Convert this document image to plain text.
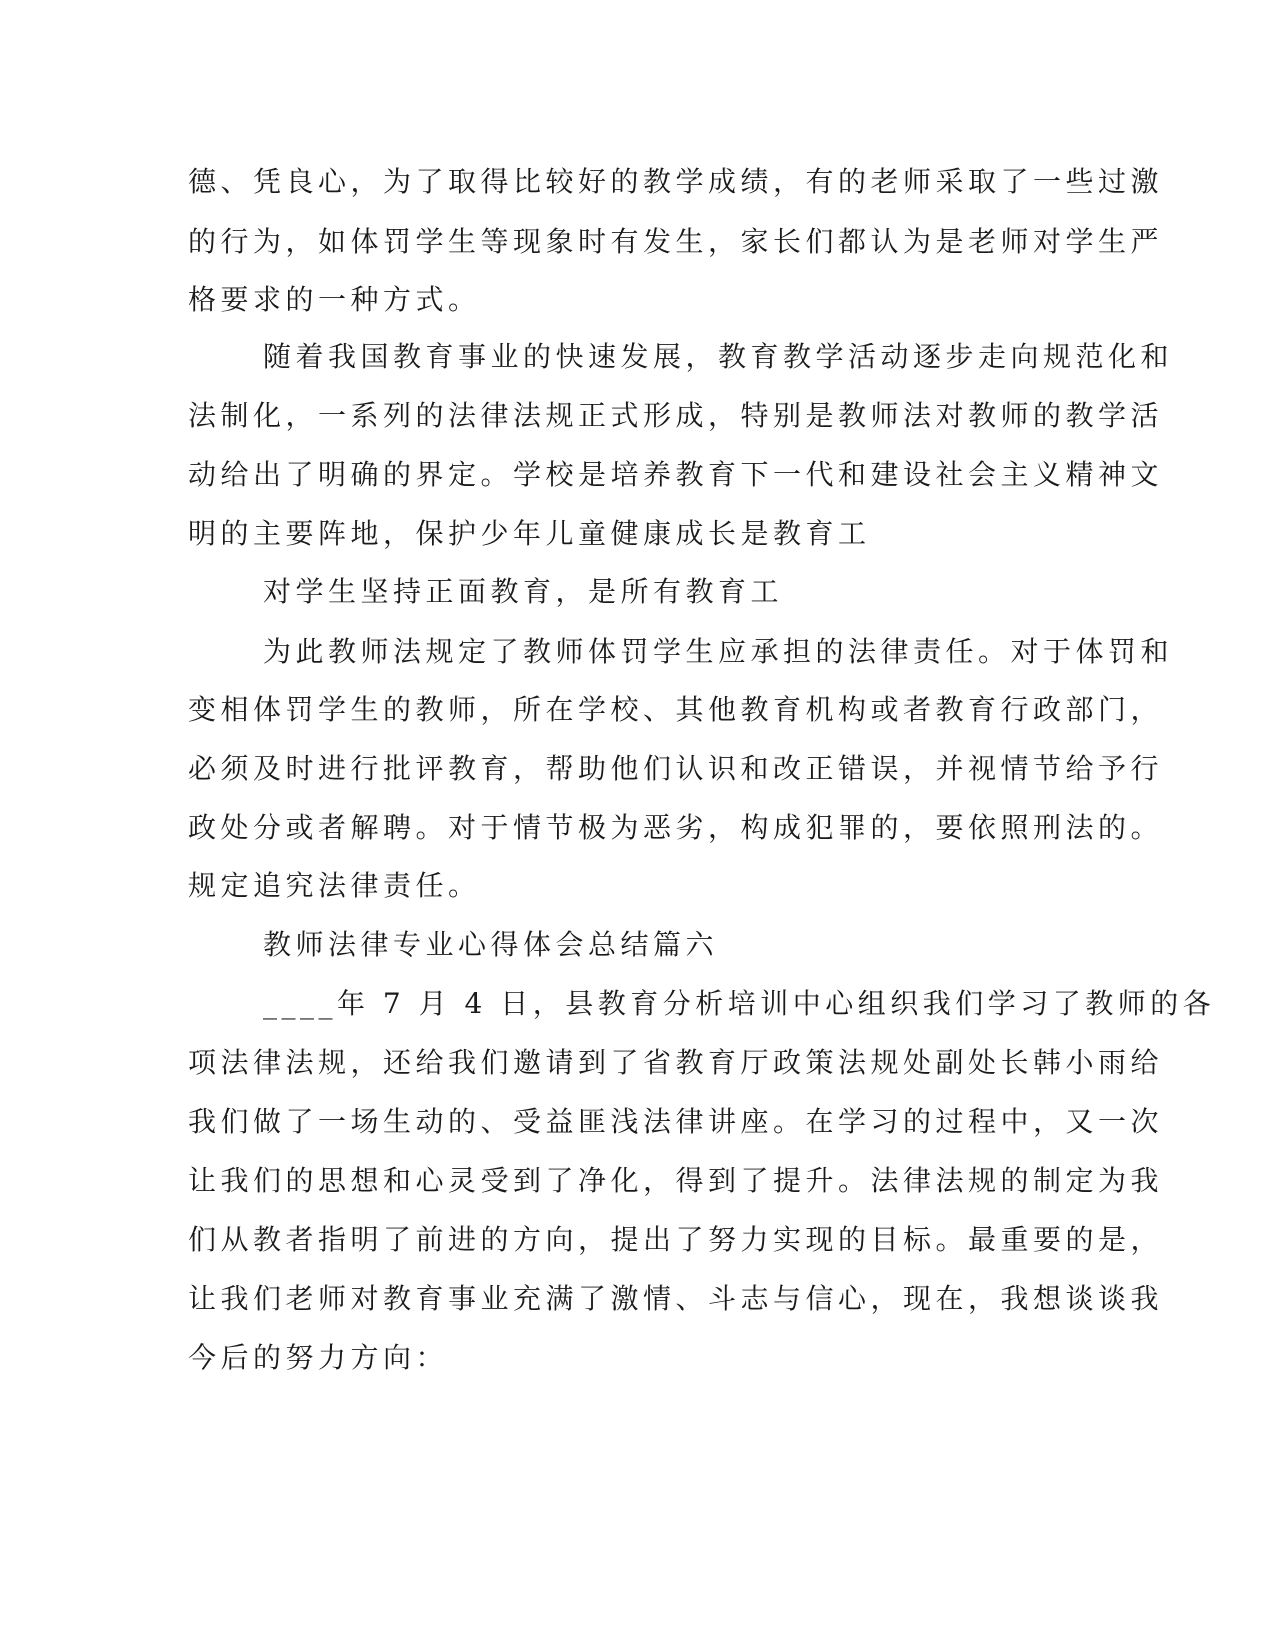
德、凭良心，为了取得比较好的教学成绩，有的老师采取了一些过激
的行为，如体罚学生等现象时有发生，家长们都认为是老师对学生严
格要求的一种方式。
随着我国教育事业的快速发展，教育教学活动逐步走向规范化和
法制化，一系列的法律法规正式形成，特别是教师法对教师的教学活
动给出了明确的界定。学校是培养教育下一代和建设社会主义精神文
明的主要阵地，保护少年儿童健康成长是教育工
对学生坚持正面教育，是所有教育工
为此教师法规定了教师体罚学生应承担的法律责任。对于体罚和
变相体罚学生的教师，所在学校、其他教育机构或者教育行政部门，
必须及时进行批评教育，帮助他们认识和改正错误，并视情节给予行
政处分或者解聘。对于情节极为恶劣，构成犯罪的，要依照刑法的。
规定追究法律责任。
教师法律专业心得体会总结篇六
____年 7 月 4 日，县教育分析培训中心组织我们学习了教师的各
项法律法规，还给我们邀请到了省教育厅政策法规处副处长韩小雨给
我们做了一场生动的、受益匪浅法律讲座。在学习的过程中，又一次
让我们的思想和心灵受到了净化，得到了提升。法律法规的制定为我
们从教者指明了前进的方向，提出了努力实现的目标。最重要的是，
让我们老师对教育事业充满了激情、斗志与信心，现在，我想谈谈我
今后的努力方向：
